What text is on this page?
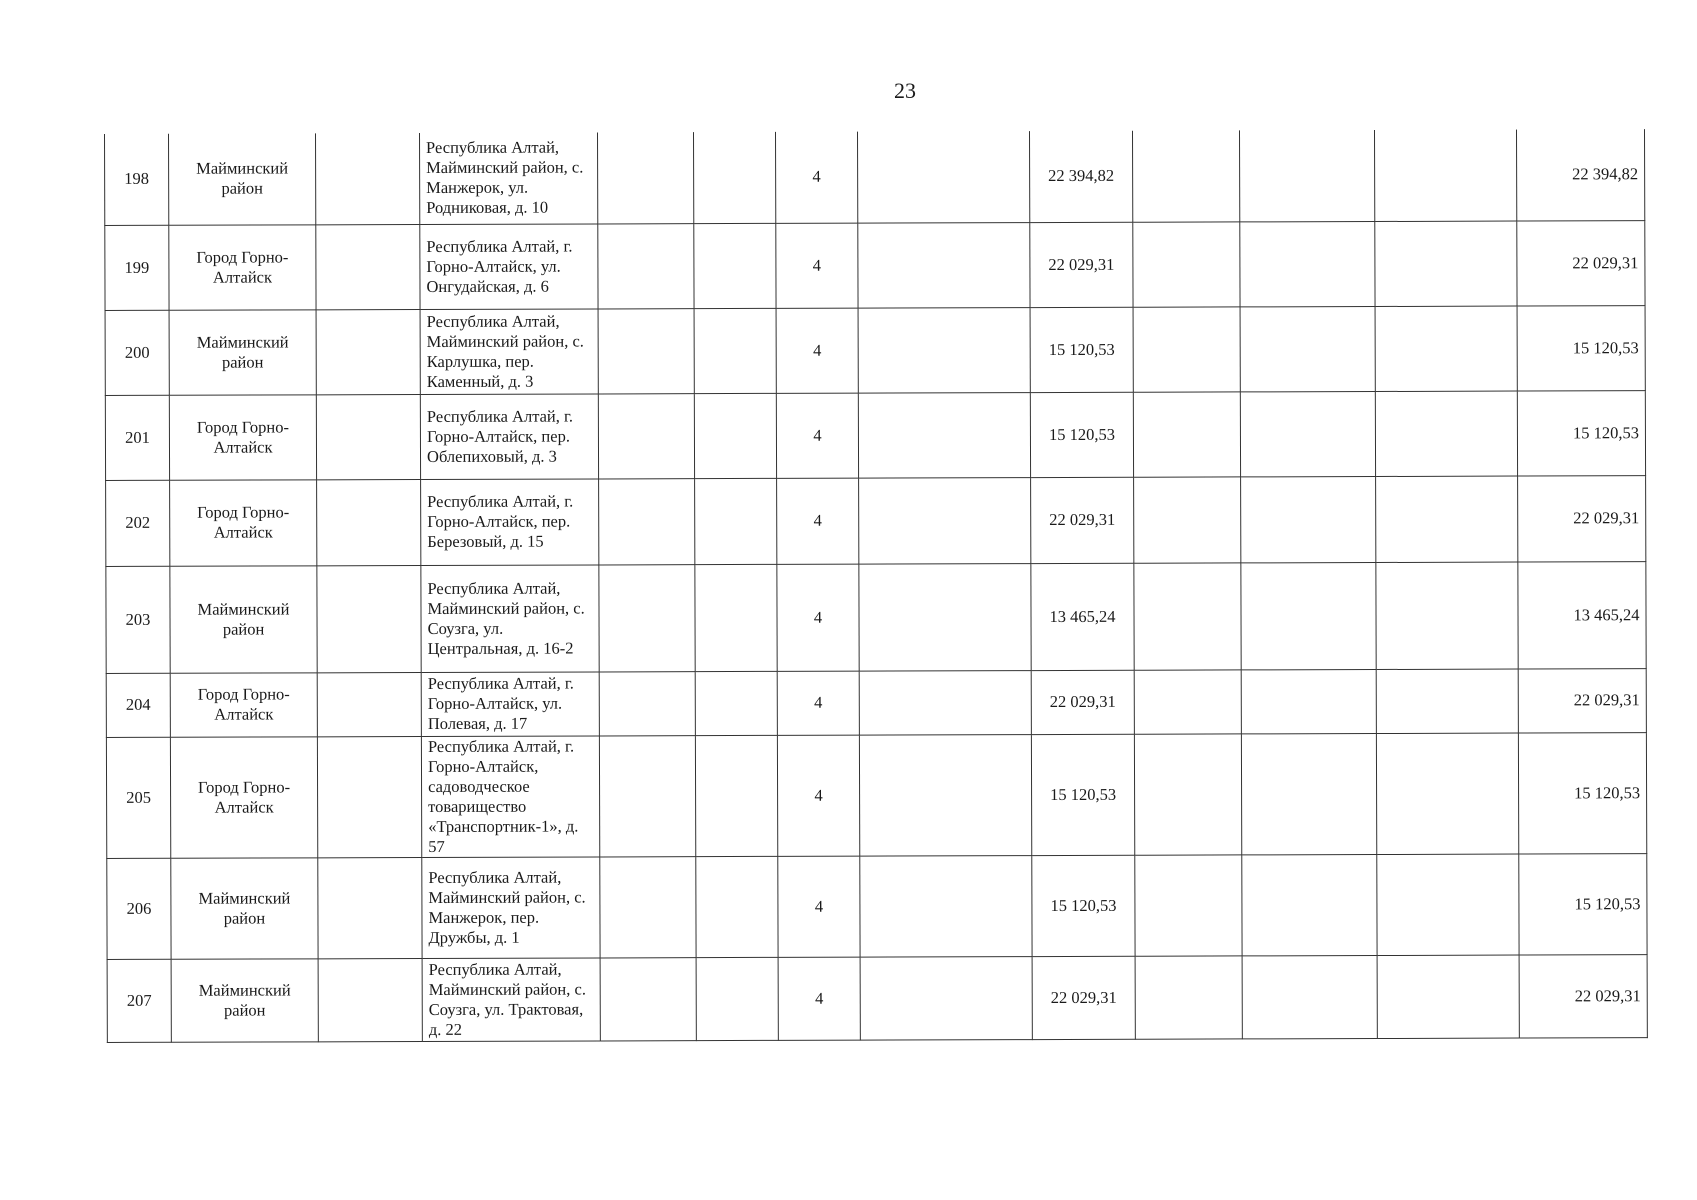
23
198	Майминский район		Республика Алтай, Майминский район, с. Манжерок, ул. Родниковая, д. 10			4		22 394,82				22 394,82
199	Город Горно-Алтайск		Республика Алтай, г. Горно-Алтайск, ул. Онгудайская, д. 6			4		22 029,31				22 029,31
200	Майминский район		Республика Алтай, Майминский район, с. Карлушка, пер. Каменный, д. 3			4		15 120,53				15 120,53
201	Город Горно-Алтайск		Республика Алтай, г. Горно-Алтайск, пер. Облепиховый, д. 3			4		15 120,53				15 120,53
202	Город Горно-Алтайск		Республика Алтай, г. Горно-Алтайск, пер. Березовый, д. 15			4		22 029,31				22 029,31
203	Майминский район		Республика Алтай, Майминский район, с. Соузга, ул. Центральная, д. 16-2			4		13 465,24				13 465,24
204	Город Горно-Алтайск		Республика Алтай, г. Горно-Алтайск, ул. Полевая, д. 17			4		22 029,31				22 029,31
205	Город Горно-Алтайск		Республика Алтай, г. Горно-Алтайск, садоводческое товарищество «Транспортник-1», д. 57			4		15 120,53				15 120,53
206	Майминский район		Республика Алтай, Майминский район, с. Манжерок, пер. Дружбы, д. 1			4		15 120,53				15 120,53
207	Майминский район		Республика Алтай, Майминский район, с. Соузга, ул. Трактовая, д. 22			4		22 029,31				22 029,31
